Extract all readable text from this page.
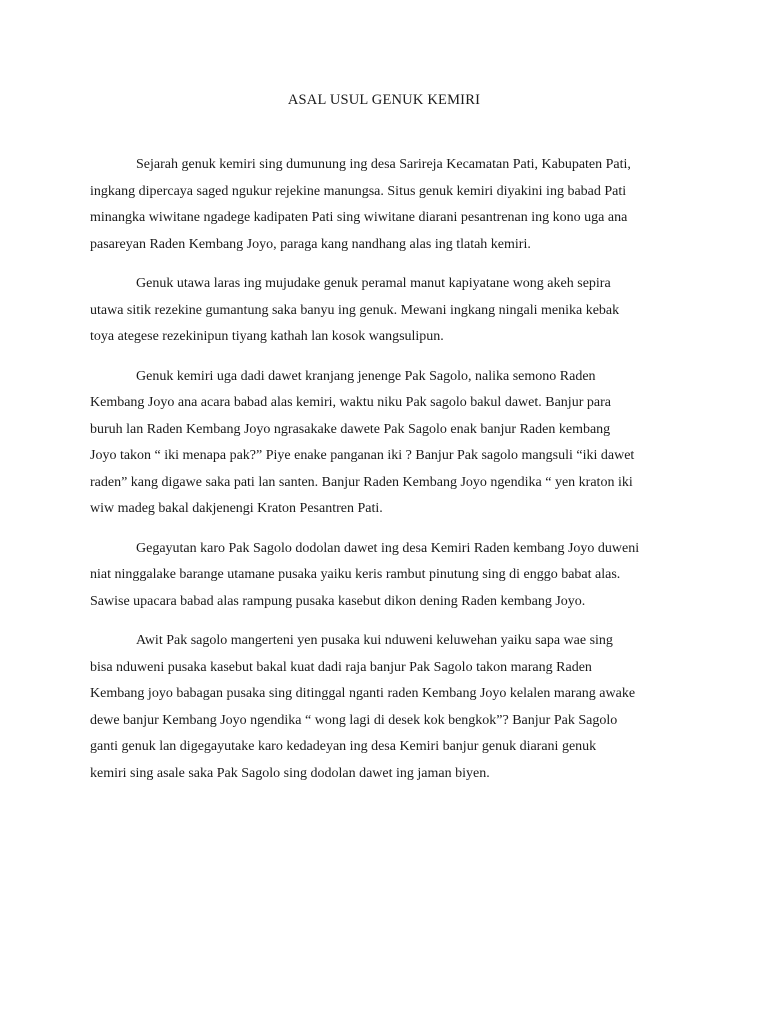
ASAL USUL GENUK KEMIRI

Sejarah genuk kemiri sing dumunung ing desa Sarireja Kecamatan Pati, Kabupaten Pati,
ingkang dipercaya saged ngukur rejekine manungsa. Situs genuk kemiri diyakini ing babad Pati
minangka wiwitane ngadege kadipaten Pati sing wiwitane diarani pesantrenan ing kono uga ana
pasareyan Raden Kembang Joyo, paraga kang nandhang alas ing tlatah kemiri.

Genuk utawa laras ing mujudake genuk peramal manut kapiyatane wong akeh sepira
utawa sitik rezekine gumantung saka banyu ing genuk. Mewani ingkang ningali menika kebak
toya ategese rezekinipun tiyang kathah lan kosok wangsulipun.

Genuk kemiri uga dadi dawet kranjang jenenge Pak Sagolo, nalika semono Raden
Kembang Joyo ana acara babad alas kemiri, waktu niku Pak sagolo bakul dawet. Banjur para
buruh lan Raden Kembang Joyo ngrasakake dawete Pak Sagolo enak banjur Raden kembang
Joyo takon “ iki menapa pak?” Piye enake panganan iki ? Banjur Pak sagolo mangsuli “iki dawet
raden” kang digawe saka pati lan santen. Banjur Raden Kembang Joyo ngendika “ yen kraton iki
wiw madeg bakal dakjenengi Kraton Pesantren Pati.

Gegayutan karo Pak Sagolo dodolan dawet ing desa Kemiri Raden kembang Joyo duweni
niat ninggalake barange utamane pusaka yaiku keris rambut pinutung sing di enggo babat alas.
Sawise upacara babad alas rampung pusaka kasebut dikon dening Raden kembang Joyo.

Awit Pak sagolo mangerteni yen pusaka kui nduweni keluwehan yaiku sapa wae sing
bisa nduweni pusaka kasebut bakal kuat dadi raja banjur Pak Sagolo takon marang Raden
Kembang joyo babagan pusaka sing ditinggal nganti raden Kembang Joyo kelalen marang awake
dewe banjur Kembang Joyo ngendika “ wong lagi di desek kok bengkok”? Banjur Pak Sagolo
ganti genuk lan digegayutake karo kedadeyan ing desa Kemiri banjur genuk diarani genuk
kemiri sing asale saka Pak Sagolo sing dodolan dawet ing jaman biyen.
